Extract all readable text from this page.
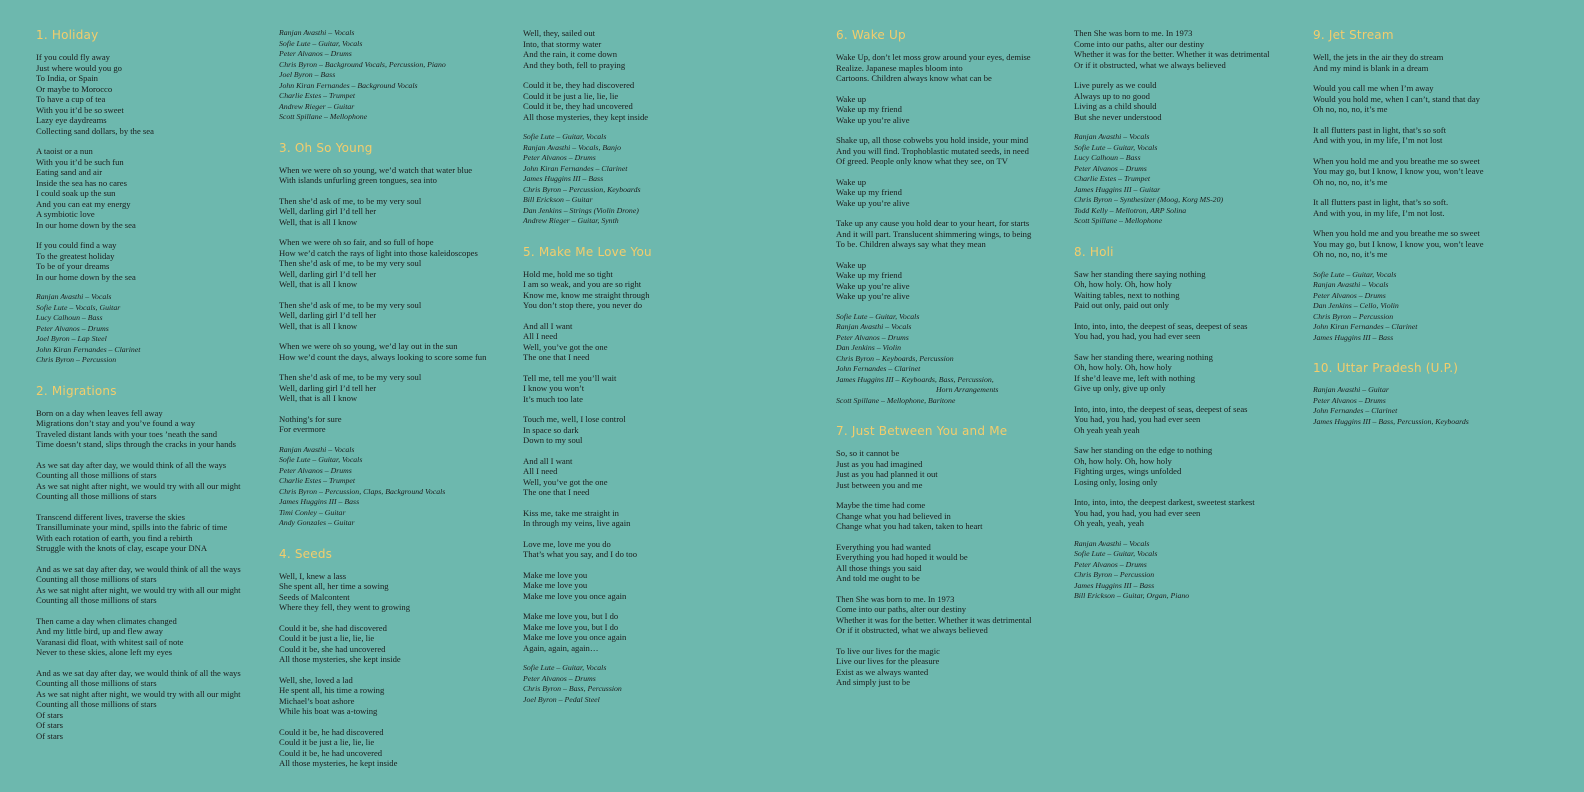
1. Holiday
If you could fly away
Just where would you go
To India, or Spain
Or maybe to Morocco
To have a cup of tea
With you it’d be so sweet
Lazy eye daydreams
Collecting sand dollars, by the sea
A taoist or a nun
With you it’d be such fun
Eating sand and air
Inside the sea has no cares
I could soak up the sun
And you can eat my energy
A symbiotic love
In our home down by the sea
If you could find a way
To the greatest holiday
To be of your dreams
In our home down by the sea
Ranjan Avasthi – Vocals
Sofie Lute – Vocals, Guitar
Lucy Calhoun – Bass
Peter Alvanos – Drums
Joel Byron – Lap Steel
John Kiran Fernandes – Clarinet
Chris Byron – Percussion
2. Migrations
Born on a day when leaves fell away
Migrations don’t stay and you’ve found a way
Traveled distant lands with your toes ’neath the sand
Time doesn’t stand, slips through the cracks in your hands
As we sat day after day, we would think of all the ways
Counting all those millions of stars
As we sat night after night, we would try with all our might
Counting all those millions of stars
Transcend different lives, traverse the skies
Transilluminate your mind, spills into the fabric of time
With each rotation of earth, you find a rebirth
Struggle with the knots of clay, escape your DNA
And as we sat day after day, we would think of all the ways
Counting all those millions of stars
As we sat night after night, we would try with all our might
Counting all those millions of stars
Then came a day when climates changed
And my little bird, up and flew away
Varanasi did float, with whitest sail of note
Never to these skies, alone left my eyes
And as we sat day after day, we would think of all the ways
Counting all those millions of stars
As we sat night after night, we would try with all our might
Counting all those millions of stars
Of stars
Of stars
Of stars
Ranjan Avasthi – Vocals
Sofie Lute – Guitar, Vocals
Peter Alvanos – Drums
Chris Byron – Background Vocals, Percussion, Piano
Joel Byron – Bass
John Kiran Fernandes – Background Vocals
Charlie Estes – Trumpet
Andrew Rieger – Guitar
Scott Spillane – Mellophone
3. Oh So Young
When we were oh so young, we’d watch that water blue
With islands unfurling green tongues, sea into
Then she’d ask of me, to be my very soul
Well, darling girl I’d tell her
Well, that is all I know
When we were oh so fair, and so full of hope
How we’d catch the rays of light into those kaleidoscopes
Then she’d ask of me, to be my very soul
Well, darling girl I’d tell her
Well, that is all I know
Then she’d ask of me, to be my very soul
Well, darling girl I’d tell her
Well, that is all I know
When we were oh so young, we’d lay out in the sun
How we’d count the days, always looking to score some fun
Then she’d ask of me, to be my very soul
Well, darling girl I’d tell her
Well, that is all I know
Nothing’s for sure
For evermore
Ranjan Avasthi – Vocals
Sofie Lute – Guitar, Vocals
Peter Alvanos – Drums
Charlie Estes – Trumpet
Chris Byron – Percussion, Claps, Background Vocals
James Huggins III – Bass
Timi Conley – Guitar
Andy Gonzales – Guitar
4. Seeds
Well, I, knew a lass
She spent all, her time a sowing
Seeds of Malcontent
Where they fell, they went to growing
Could it be, she had discovered
Could it be just a lie, lie, lie
Could it be, she had uncovered
All those mysteries, she kept inside
Well, she, loved a lad
He spent all, his time a rowing
Michael’s boat ashore
While his boat was a-towing
Could it be, he had discovered
Could it be just a lie, lie, lie
Could it be, he had uncovered
All those mysteries, he kept inside
Well, they, sailed out
Into, that stormy water
And the rain, it come down
And they both, fell to praying
Could it be, they had discovered
Could it be just a lie, lie, lie
Could it be, they had uncovered
All those mysteries, they kept inside
Sofie Lute – Guitar, Vocals
Ranjan Avasthi – Vocals, Banjo
Peter Alvanos – Drums
John Kiran Fernandes – Clarinet
James Huggins III – Bass
Chris Byron – Percussion, Keyboards
Bill Erickson – Guitar
Dan Jenkins – Strings (Violin Drone)
Andrew Rieger – Guitar, Synth
5. Make Me Love You
Hold me, hold me so tight
I am so weak, and you are so right
Know me, know me straight through
You don’t stop there, you never do
And all I want
All I need
Well, you’ve got the one
The one that I need
Tell me, tell me you’ll wait
I know you won’t
It’s much too late
Touch me, well, I lose control
In space so dark
Down to my soul
And all I want
All I need
Well, you’ve got the one
The one that I need
Kiss me, take me straight in
In through my veins, live again
Love me, love me you do
That’s what you say, and I do too
Make me love you
Make me love you
Make me love you once again
Make me love you, but I do
Make me love you, but I do
Make me love you once again
Again, again, again…
Sofie Lute – Guitar, Vocals
Peter Alvanos – Drums
Chris Byron – Bass, Percussion
Joel Byron – Pedal Steel
6. Wake Up
Wake Up, don’t let moss grow around your eyes, demise
Realize. Japanese maples bloom into
Cartoons. Children always know what can be
Wake up
Wake up my friend
Wake up you’re alive
Shake up, all those cobwebs you hold inside, your mind
And you will find. Trophoblastic mutated seeds, in need
Of greed. People only know what they see, on TV
Wake up
Wake up my friend
Wake up you’re alive
Take up any cause you hold dear to your heart, for starts
And it will part. Translucent shimmering wings, to being
To be. Children always say what they mean
Wake up
Wake up my friend
Wake up you’re alive
Wake up you’re alive
Sofie Lute – Guitar, Vocals
Ranjan Avasthi – Vocals
Peter Alvanos – Drums
Dan Jenkins – Violin
Chris Byron – Keyboards, Percussion
John Fernandes – Clarinet
James Huggins III – Keyboards, Bass, Percussion,
Horn Arrangements
Scott Spillane – Mellophone, Baritone
7. Just Between You and Me
So, so it cannot be
Just as you had imagined
Just as you had planned it out
Just between you and me
Maybe the time had come
Change what you had believed in
Change what you had taken, taken to heart
Everything you had wanted
Everything you had hoped it would be
All those things you said
And told me ought to be
Then She was born to me. In 1973
Come into our paths, alter our destiny
Whether it was for the better. Whether it was detrimental
Or if it obstructed, what we always believed
To live our lives for the magic
Live our lives for the pleasure
Exist as we always wanted
And simply just to be
Then She was born to me. In 1973
Come into our paths, alter our destiny
Whether it was for the better. Whether it was detrimental
Or if it obstructed, what we always believed
Live purely as we could
Always up to no good
Living as a child should
But she never understood
Ranjan Avasthi – Vocals
Sofie Lute – Guitar, Vocals
Lucy Calhoun – Bass
Peter Alvanos – Drums
Charlie Estes – Trumpet
James Huggins III – Guitar
Chris Byron – Synthesizer (Moog, Korg MS-20)
Todd Kelly – Mellotron, ARP Solina
Scott Spillane – Mellophone
8. Holi
Saw her standing there saying nothing
Oh, how holy. Oh, how holy
Waiting tables, next to nothing
Paid out only, paid out only
Into, into, into, the deepest of seas, deepest of seas
You had, you had, you had ever seen
Saw her standing there, wearing nothing
Oh, how holy. Oh, how holy
If she’d leave me, left with nothing
Give up only, give up only
Into, into, into, the deepest of seas, deepest of seas
You had, you had, you had ever seen
Oh yeah yeah yeah
Saw her standing on the edge to nothing
Oh, how holy. Oh, how holy
Fighting urges, wings unfolded
Losing only, losing only
Into, into, into, the deepest darkest, sweetest starkest
You had, you had, you had ever seen
Oh yeah, yeah, yeah
Ranjan Avasthi – Vocals
Sofie Lute – Guitar, Vocals
Peter Alvanos – Drums
Chris Byron – Percussion
James Huggins III – Bass
Bill Erickson – Guitar, Organ, Piano
9. Jet Stream
Well, the jets in the air they do stream
And my mind is blank in a dream
Would you call me when I’m away
Would you hold me, when I can’t, stand that day
Oh no, no, no, it’s me
It all flutters past in light, that’s so soft
And with you, in my life, I’m not lost
When you hold me and you breathe me so sweet
You may go, but I know, I know you, won’t leave
Oh no, no, no, it’s me
It all flutters past in light, that’s so soft.
And with you, in my life, I’m not lost.
When you hold me and you breathe me so sweet
You may go, but I know, I know you, won’t leave
Oh no, no, no, it’s me
Sofie Lute – Guitar, Vocals
Ranjan Avasthi – Vocals
Peter Alvanos – Drums
Dan Jenkins – Cello, Violin
Chris Byron – Percussion
John Kiran Fernandes – Clarinet
James Huggins III – Bass
10. Uttar Pradesh (U.P.)
Ranjan Avasthi – Guitar
Peter Alvanos – Drums
John Fernandes – Clarinet
James Huggins III – Bass, Percussion, Keyboards
